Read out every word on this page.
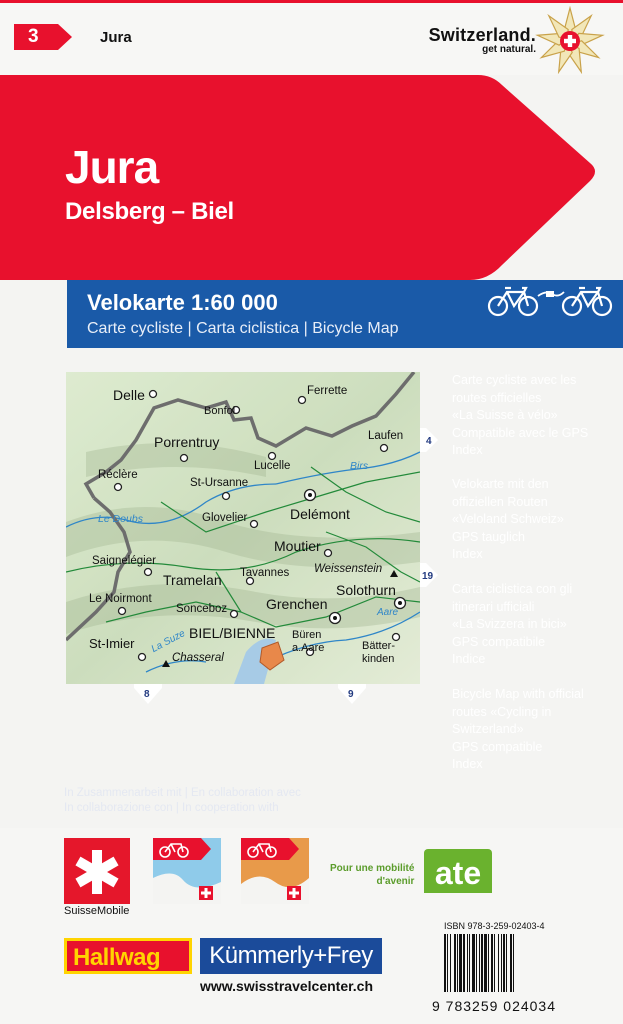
3	Jura	Switzerland.
get natural.
Jura
Delsberg – Biel
Velokarte 1:60 000
Carte cycliste | Carta ciclistica | Bicycle Map
Delle
Bonfol
Ferrette
Laufen
Porrentruy
Lucelle	Birs
Réclère
St-Ursanne
Delémont
Le Doubs	Glovelier
Moutier
Saignelégier
Weissenstein
Tramelan Tavannes
Solothurn
Le Noirmont
Sonceboz	Grenchen
Aare
BIEL/BIENNE
St-Imier La Suze
Chasseral
Büren a.Aare	Bätter- kinden
4
19
8	9
Carte cycliste avec les
routes officielles
«La Suisse à vélo»
Compatible avec le GPS
Index
Velokarte mit den
offiziellen Routen
«Veloland Schweiz»
GPS tauglich
Index
Carta ciclistica con gli
itinerari ufficiali
«La Svizzera in bici»
GPS compatibile
Indice
Bicycle Map with official
routes «Cycling in
Switzerland»
GPS compatible
Index
In Zusammenarbeit mit | En collaboration avec
In collaborazione con | In cooperation with
SuisseMobile
Pour une mobilité
d'avenir ate
Hallwag	Kümmerly+Frey
www.swisstravelcenter.ch
ISBN 978-3-259-02403-4
9 783259 024034
